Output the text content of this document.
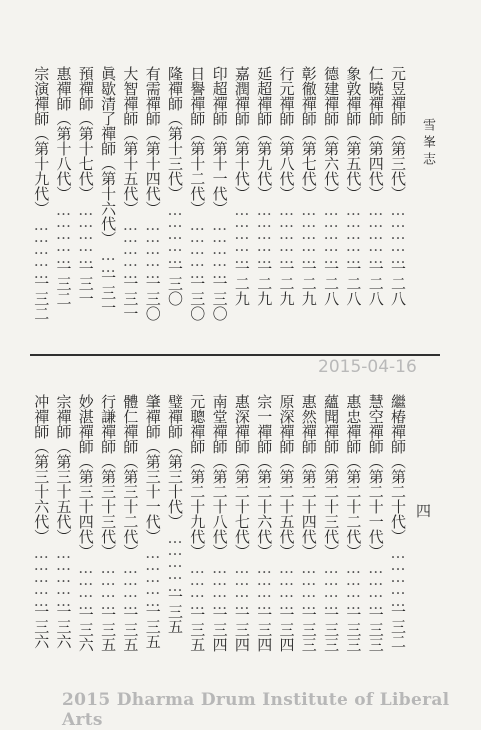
雪峯志
元昱禪師（第三代）……………一二八
仁曉禪師（第四代）……………一二八
象敦禪師（第五代）……………一二八
德建禪師（第六代）……………一二八
彰徹禪師（第七代）……………一二九
行元禪師（第八代）……………一二九
延超禪師（第九代）……………一二九
嘉潤禪師（第十代）……………一二九
印超禪師（第十一代）……………一三〇
日譽禪師（第十二代）……………一三〇
隆禪師（第十三代）……………一三〇
有需禪師（第十四代）……………一三〇
大智禪師（第十五代）……………一三一
眞歇清了禪師（第十六代）……一三一
預禪師（第十七代）……………一三一
惠禪師（第十八代）……………一三二
宗演禪師（第十九代）……………一三二
2015-04-16
四
繼椿禪師（第二十代）……………一三二
慧空禪師（第二十一代）…………一三三
惠忠禪師（第二十二代）…………一三三
蘊聞禪師（第二十三代）…………一三三
惠然禪師（第二十四代）…………一三三
原深禪師（第二十五代）…………一三四
宗一禪師（第二十六代）…………一三四
惠深禪師（第二十七代）…………一三四
南堂禪師（第二十八代）…………一三四
元聰禪師（第二十九代）…………一三五
璧禪師（第三十代）……………一三五
肇禪師（第三十一代）……………一三五
體仁禪師（第三十二代）…………一三五
行謙禪師（第三十三代）…………一三五
妙湛禪師（第三十四代）…………一三六
宗禪師（第三十五代）……………一三六
冲禪師（第三十六代）……………一三六
2015 Dharma Drum Institute of Liberal Arts
